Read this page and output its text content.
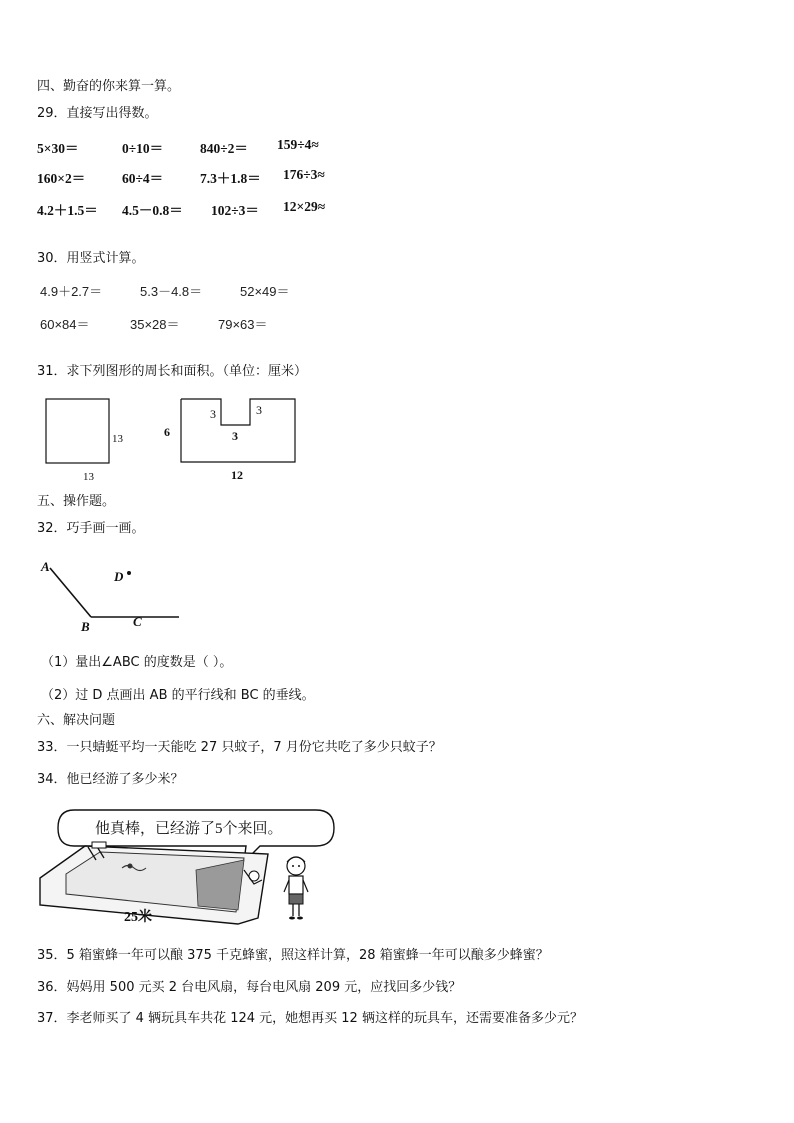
四、勤奋的你来算一算。
29．直接写出得数。
5×30＝	0÷10＝	840÷2＝ 159÷4≈
160×2＝	60÷4＝	7.3＋1.8＝ 176÷3≈
4.2＋1.5＝ 4.5－0.8＝ 102÷3＝ 12×29≈
30．用竖式计算。
4.9＋2.7＝	5.3－4.8＝	52×49＝
60×84＝	35×28＝	79×63＝
31．求下列图形的周长和面积。（单位：厘米）
13
13
6
3	3
3
12
五、操作题。
32．巧手画一画。
A
B	C
D
（1）量出∠ABC 的度数是（ ）。
（2）过 D 点画出 AB 的平行线和 BC 的垂线。
六、解决问题
33．一只蜻蜓平均一天能吃 27 只蚊子，7 月份它共吃了多少只蚊子？
34．他已经游了多少米？
他真棒，已经游了5个来回。
25米
35．5 箱蜜蜂一年可以酿 375 千克蜂蜜，照这样计算，28 箱蜜蜂一年可以酿多少蜂蜜？
36．妈妈用 500 元买 2 台电风扇，每台电风扇 209 元，应找回多少钱？
37．李老师买了 4 辆玩具车共花 124 元，她想再买 12 辆这样的玩具车，还需要准备多少元？
